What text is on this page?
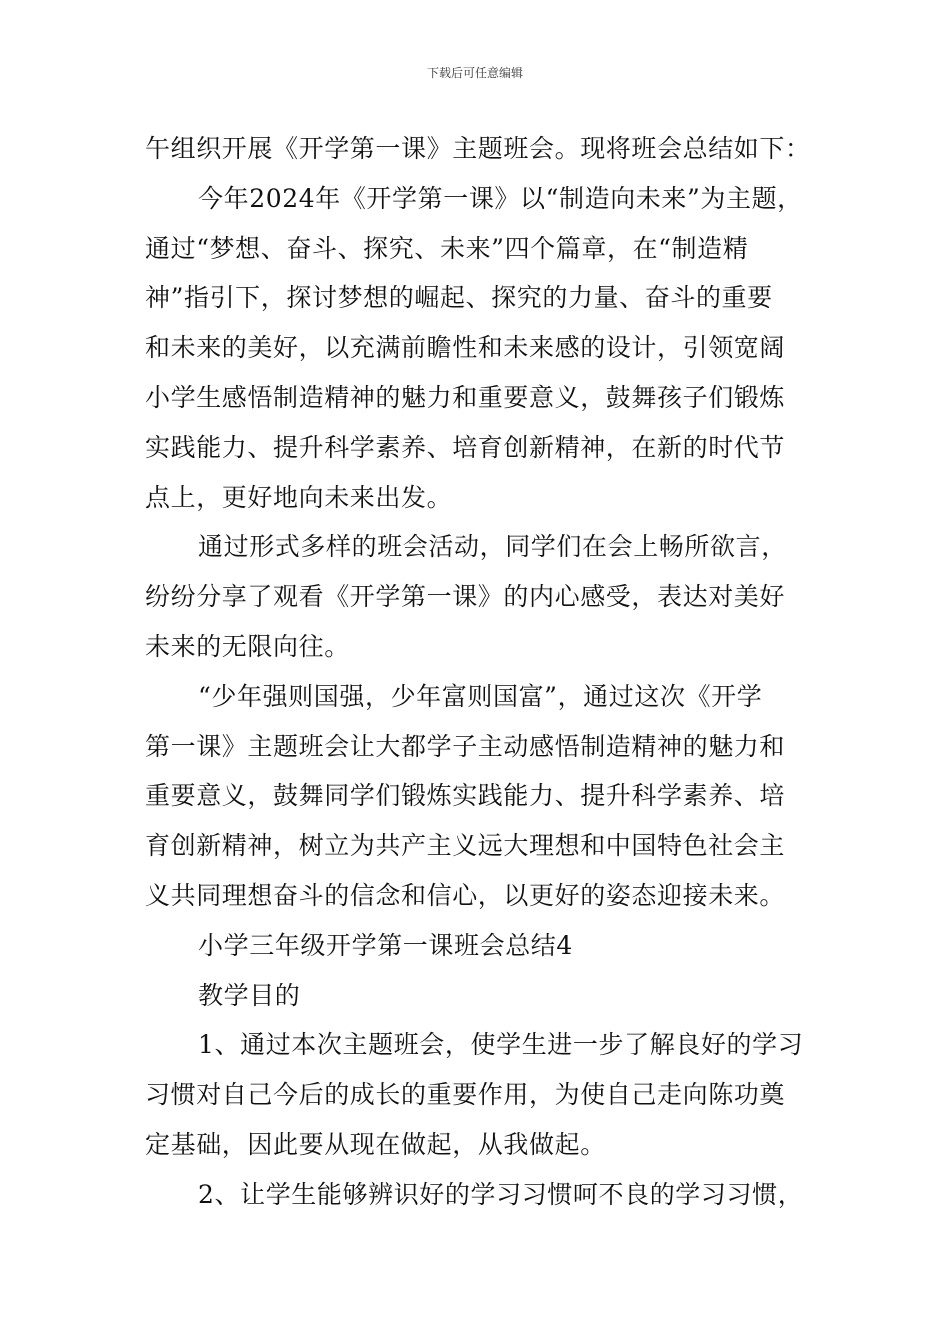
下载后可任意编辑
午组织开展《开学第一课》主题班会。现将班会总结如下：
今年2024年《开学第一课》以“制造向未来”为主题，
通过“梦想、奋斗、探究、未来”四个篇章，在“制造精
神”指引下，探讨梦想的崛起、探究的力量、奋斗的重要
和未来的美好，以充满前瞻性和未来感的设计，引领宽阔
小学生感悟制造精神的魅力和重要意义，鼓舞孩子们锻炼
实践能力、提升科学素养、培育创新精神，在新的时代节
点上，更好地向未来出发。
通过形式多样的班会活动，同学们在会上畅所欲言，
纷纷分享了观看《开学第一课》的内心感受，表达对美好
未来的无限向往。
“少年强则国强，少年富则国富”，通过这次《开学
第一课》主题班会让大都学子主动感悟制造精神的魅力和
重要意义，鼓舞同学们锻炼实践能力、提升科学素养、培
育创新精神，树立为共产主义远大理想和中国特色社会主
义共同理想奋斗的信念和信心，以更好的姿态迎接未来。
小学三年级开学第一课班会总结4
教学目的
1、通过本次主题班会，使学生进一步了解良好的学习
习惯对自己今后的成长的重要作用，为使自己走向陈功奠
定基础，因此要从现在做起，从我做起。
2、让学生能够辨识好的学习习惯呵不良的学习习惯，
